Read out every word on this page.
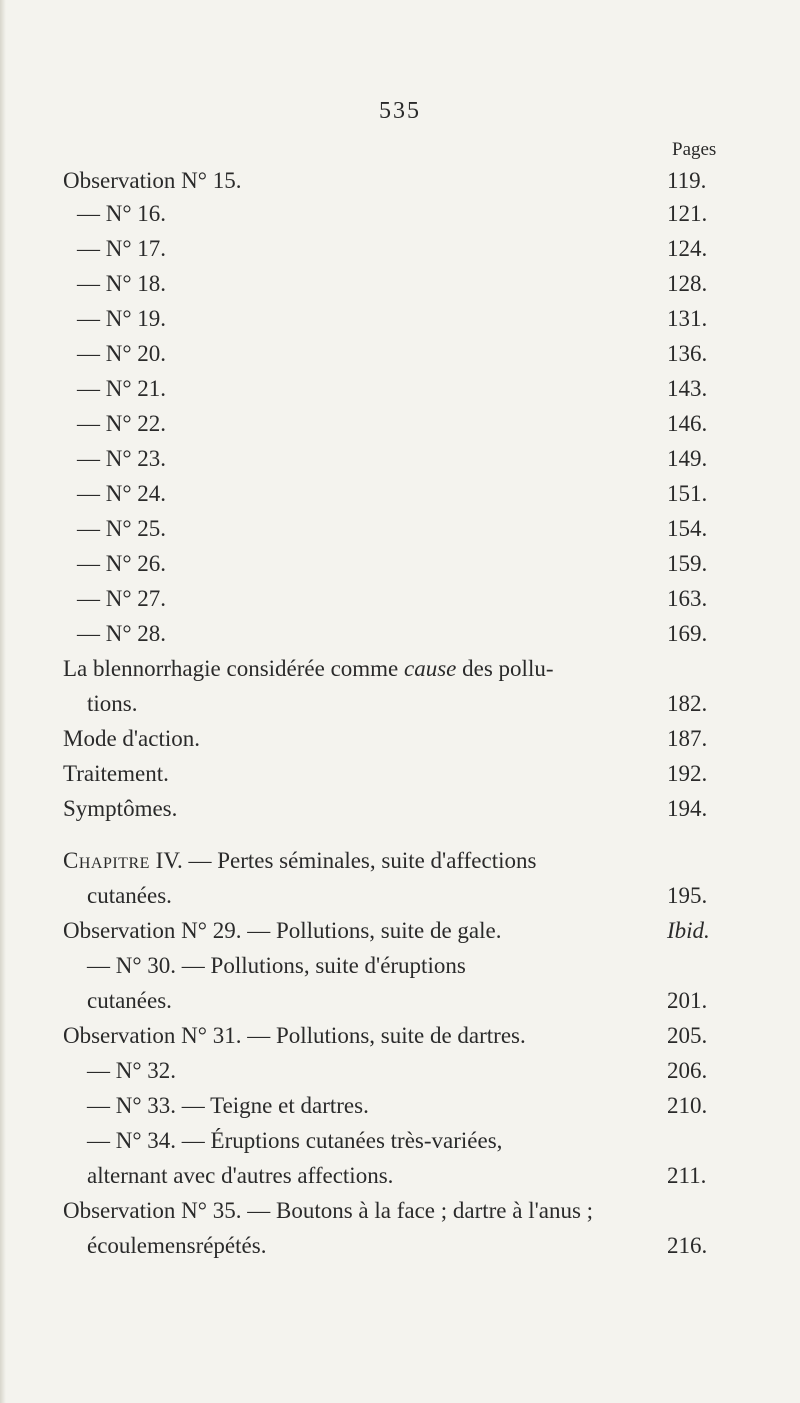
535
Pages
Observation N° 15.	119.
— N° 16.	121.
— N° 17.	124.
— N° 18.	128.
— N° 19.	131.
— N° 20.	136.
— N° 21.	143.
— N° 22.	146.
— N° 23.	149.
— N° 24.	151.
— N° 25.	154.
— N° 26.	159.
— N° 27.	163.
— N° 28.	169.
La blennorrhagie considérée comme cause des pollu-
tions.	182.
Mode d'action.	187.
Traitement.	192.
Symptômes.	194.
Chapitre IV. — Pertes séminales, suite d'affections
cutanées.	195.
Observation N° 29. — Pollutions, suite de gale.	Ibid.
— N° 30. — Pollutions, suite d'éruptions
cutanées.	201.
Observation N° 31. — Pollutions, suite de dartres.	205.
— N° 32.	206.
— N° 33. — Teigne et dartres.	210.
— N° 34. — Éruptions cutanées très-variées,
alternant avec d'autres affections.	211.
Observation N° 35. — Boutons à la face ; dartre à l'anus ;
écoulemensrépétés.	216.
